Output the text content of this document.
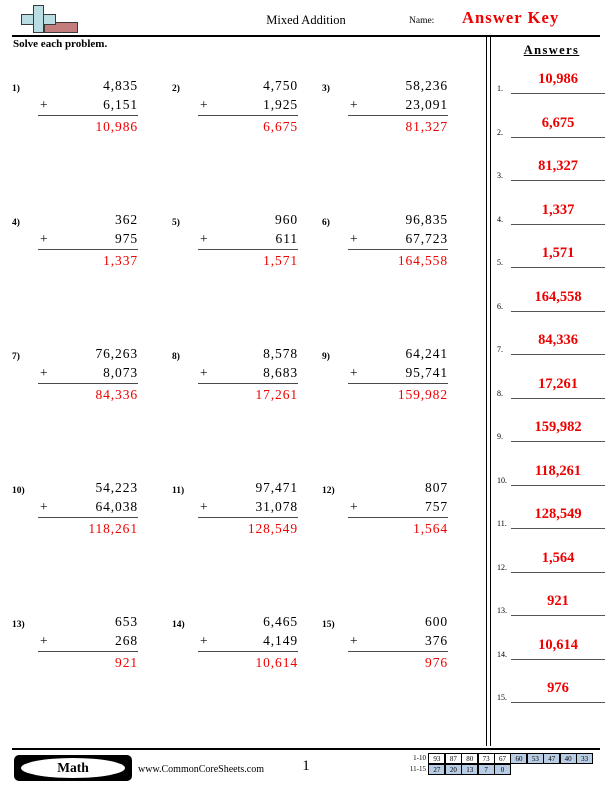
Mixed Addition	Name: Answer Key
Solve each problem.
1)	4,835
+	6,151
10,986
2)	4,750
+	1,925
6,675
3)	58,236
+	23,091
81,327
4)	362
+	975
1,337
5)	960
+	611
1,571
6)	96,835
+	67,723
164,558
7)	76,263
+	8,073
84,336
8)	8,578
+	8,683
17,261
9)	64,241
+	95,741
159,982
10)	54,223
+	64,038
118,261
11)	97,471
+	31,078
128,549
12)	807
+	757
1,564
13)	653
+	268
921
14)	6,465
+	4,149
10,614
15)	600
+	376
976
Answers
1.
10,986
2.
6,675
3.
81,327
4.
1,337
5.
1,571
6.
164,558
7.
84,336
8.
17,261
9.
159,982
10.
118,261
11.
128,549
12.
1,564
13.
921
14.
10,614
15.
976
Math	www.CommonCoreSheets.com	1	1-10	93	87	80	73	67	60	53	47	40	33
11-15	27	20	13	7	0
